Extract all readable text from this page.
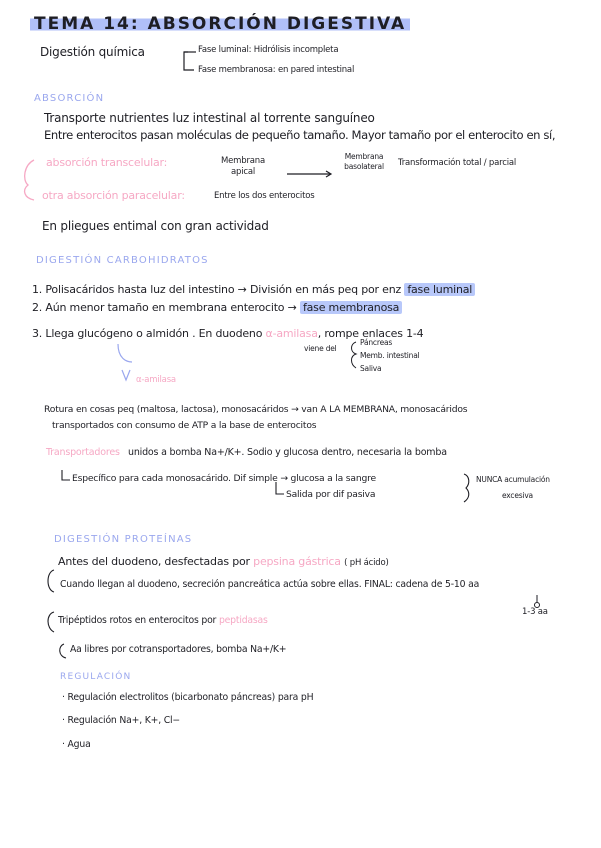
TEMA 14: ABSORCIÓN DIGESTIVA
Digestión química	Fase luminal: Hidrólisis incompleta
Fase membranosa: en pared intestinal
ABSORCIÓN
Transporte nutrientes luz intestinal al torrente sanguíneo
Entre enterocitos pasan moléculas de pequeño tamaño. Mayor tamaño por el enterocito en sí,
absorción transcelular:	Membrana apical
Membrana basolateral	Transformación total / parcial
otra absorción paracelular:	Entre los dos enterocitos
En pliegues entimal con gran actividad
DIGESTIÓN CARBOHIDRATOS
1. Polisacáridos hasta luz del intestino → División en más peq por enz fase luminal
2. Aún menor tamaño en membrana enterocito → fase membranosa
3. Llega glucógeno o almidón . En duodeno α-amilasa, rompe enlaces 1-4
viene del
Páncreas
Memb. intestinal
Saliva
α-amilasa
Rotura en cosas peq (maltosa, lactosa), monosacáridos → van A LA MEMBRANA, monosacáridos
transportados con consumo de ATP a la base de enterocitos
Transportadores unidos a bomba Na+/K+. Sodio y glucosa dentro, necesaria la bomba
Específico para cada monosacárido. Dif simple → glucosa a la sangre
Salida por dif pasiva
NUNCA acumulación
excesiva
DIGESTIÓN PROTEÍNAS
Antes del duodeno, desfectadas por pepsina gástrica ( pH ácido)
Cuando llegan al duodeno, secreción pancreática actúa sobre ellas. FINAL: cadena de 5-10 aa
1-3 aa
Tripéptidos rotos en enterocitos por peptidasas
Aa libres por cotransportadores, bomba Na+/K+
REGULACIÓN
· Regulación electrolitos (bicarbonato páncreas) para pH
· Regulación Na+, K+, Cl−
· Agua
